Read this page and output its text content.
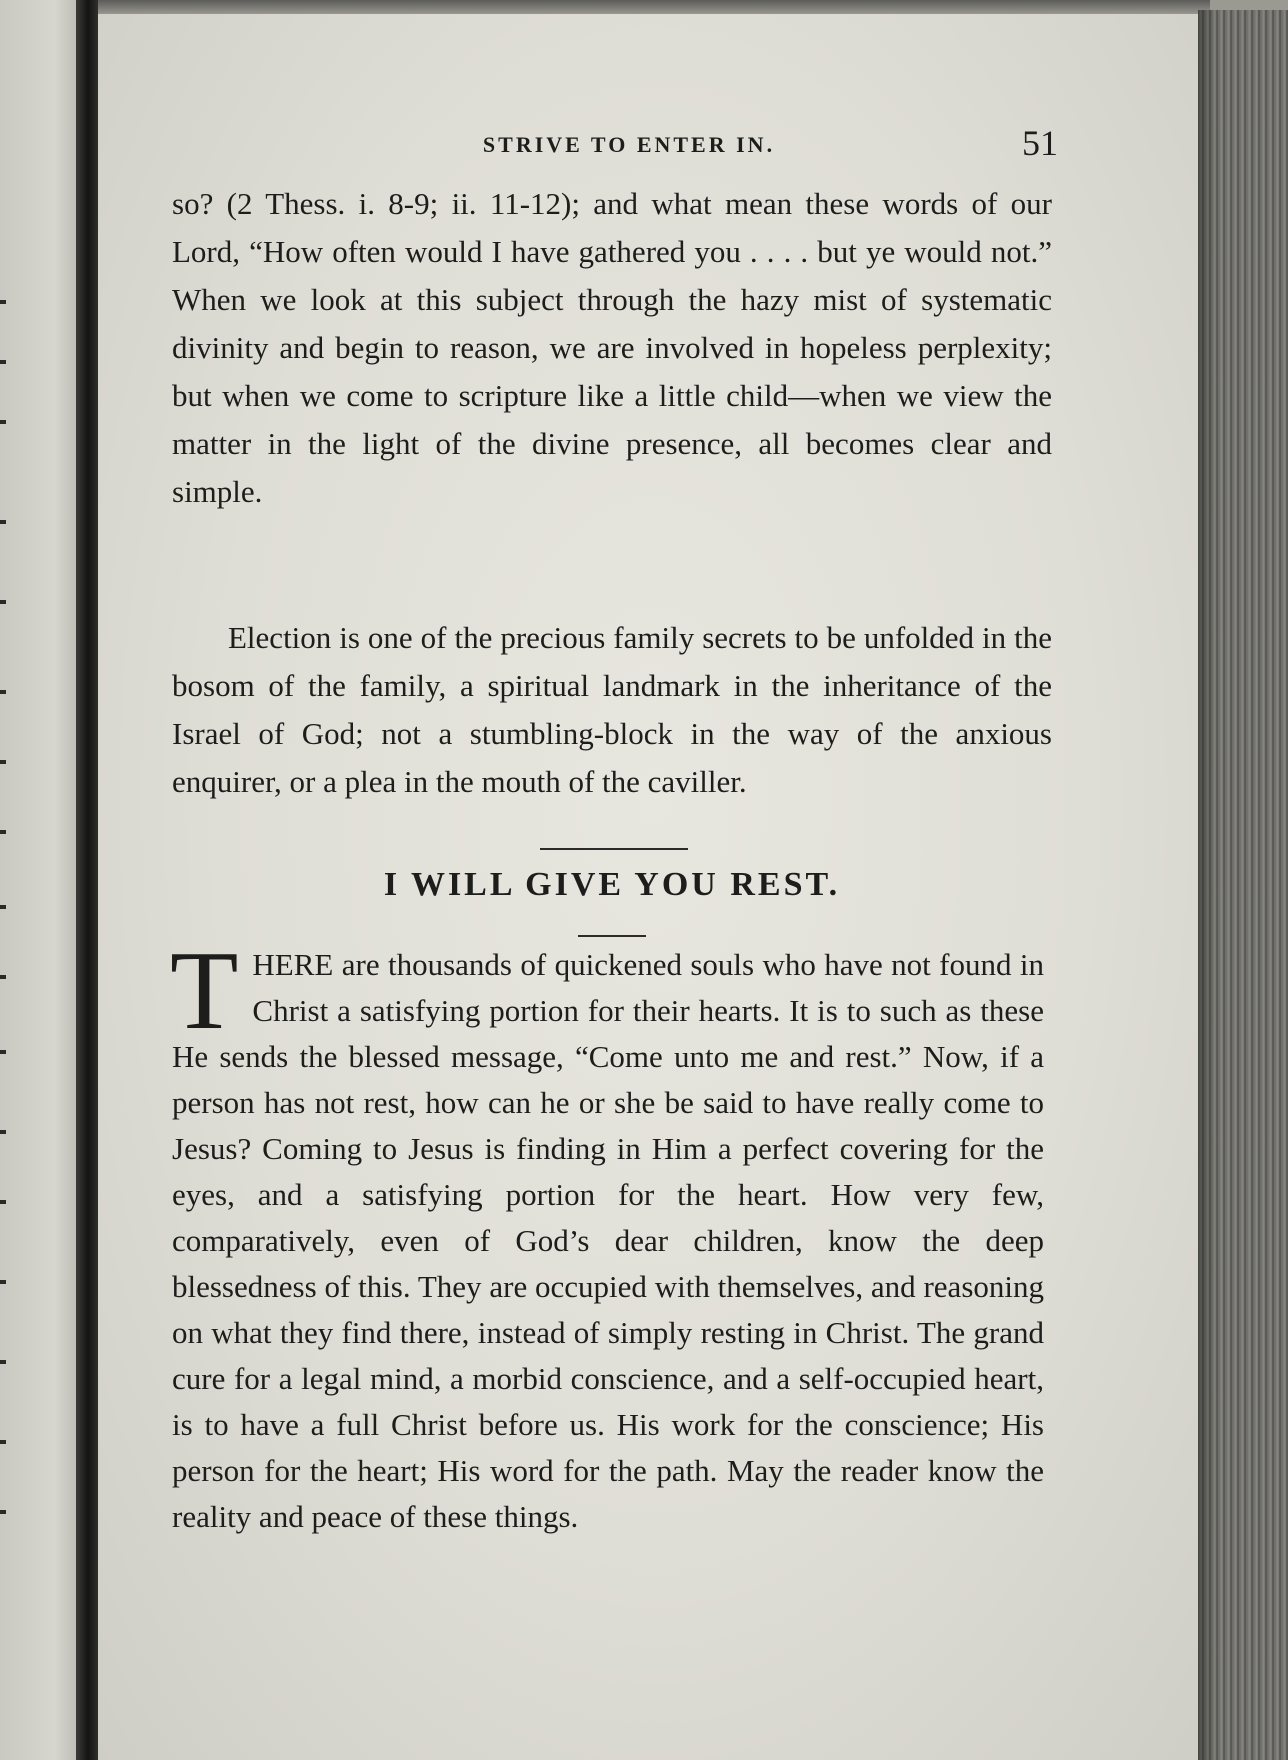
STRIVE TO ENTER IN.	51

so? (2 Thess. i. 8-9; ii. 11-12); and what mean these words of our Lord, “How often would I have gathered you . . . . but ye would not.” When we look at this subject through the hazy mist of systematic divinity and begin to reason, we are involved in hopeless perplexity; but when we come to scripture like a little child—when we view the matter in the light of the divine presence, all becomes clear and simple.

Election is one of the precious family secrets to be unfolded in the bosom of the family, a spiritual landmark in the inheritance of the Israel of God; not a stumbling-block in the way of the anxious enquirer, or a plea in the mouth of the caviller.

I WILL GIVE YOU REST.
T HERE are thousands of quickened souls who have not found in Christ a satisfying portion for their hearts. It is to such as these He sends the blessed message, “Come unto me and rest.” Now, if a person has not rest, how can he or she be said to have really come to Jesus? Coming to Jesus is finding in Him a perfect covering for the eyes, and a satisfying portion for the heart. How very few, comparatively, even of God’s dear children, know the deep blessedness of this. They are occupied with themselves, and reasoning on what they find there, instead of simply resting in Christ. The grand cure for a legal mind, a morbid conscience, and a self-occupied heart, is to have a full Christ before us. His work for the conscience; His person for the heart; His word for the path. May the reader know the reality and peace of these things.
